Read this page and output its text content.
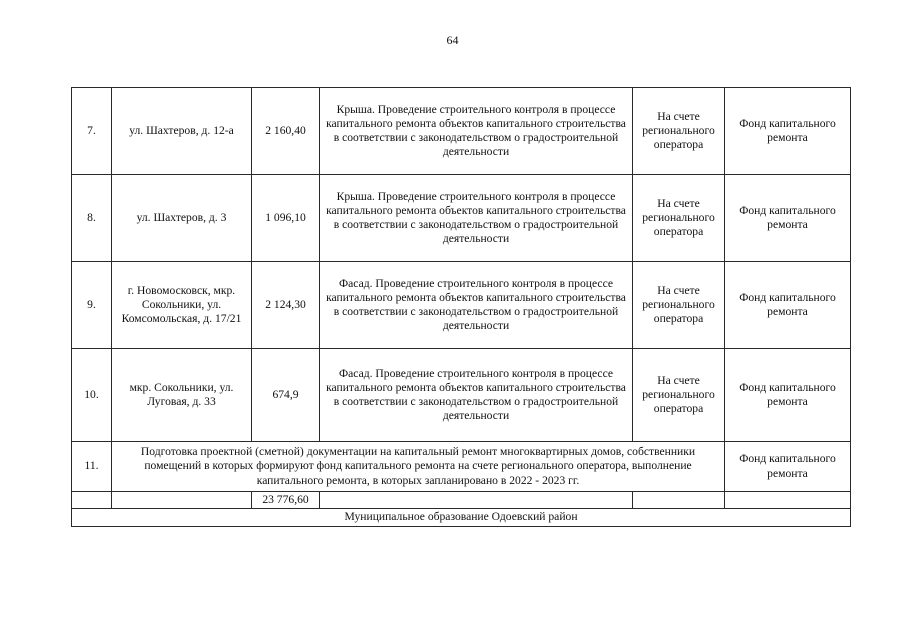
64
7.	ул. Шахтеров, д. 12-а	2 160,40	Крыша. Проведение строительного контроля в процессе капитального ремонта объектов капитального строительства в соответствии с законодательством о градостроительной деятельности	На счете регионального оператора	Фонд капитального ремонта
8.	ул. Шахтеров, д. 3	1 096,10	Крыша. Проведение строительного контроля в процессе капитального ремонта объектов капитального строительства в соответствии с законодательством о градостроительной деятельности	На счете регионального оператора	Фонд капитального ремонта
9.	г. Новомосковск, мкр. Сокольники, ул. Комсомольская, д. 17/21	2 124,30	Фасад. Проведение строительного контроля в процессе капитального ремонта объектов капитального строительства в соответствии с законодательством о градостроительной деятельности	На счете регионального оператора	Фонд капитального ремонта
10.	мкр. Сокольники, ул. Луговая, д. 33	674,9	Фасад. Проведение строительного контроля в процессе капитального ремонта объектов капитального строительства в соответствии с законодательством о градостроительной деятельности	На счете регионального оператора	Фонд капитального ремонта
11.	Подготовка проектной (сметной) документации на капитальный ремонт многоквартирных домов, собственники помещений в которых формируют фонд капитального ремонта на счете регионального оператора, выполнение капитального ремонта, в которых запланировано в 2022 - 2023 гг.				Фонд капитального ремонта
		23 776,60			
Муниципальное образование Одоевский район					
